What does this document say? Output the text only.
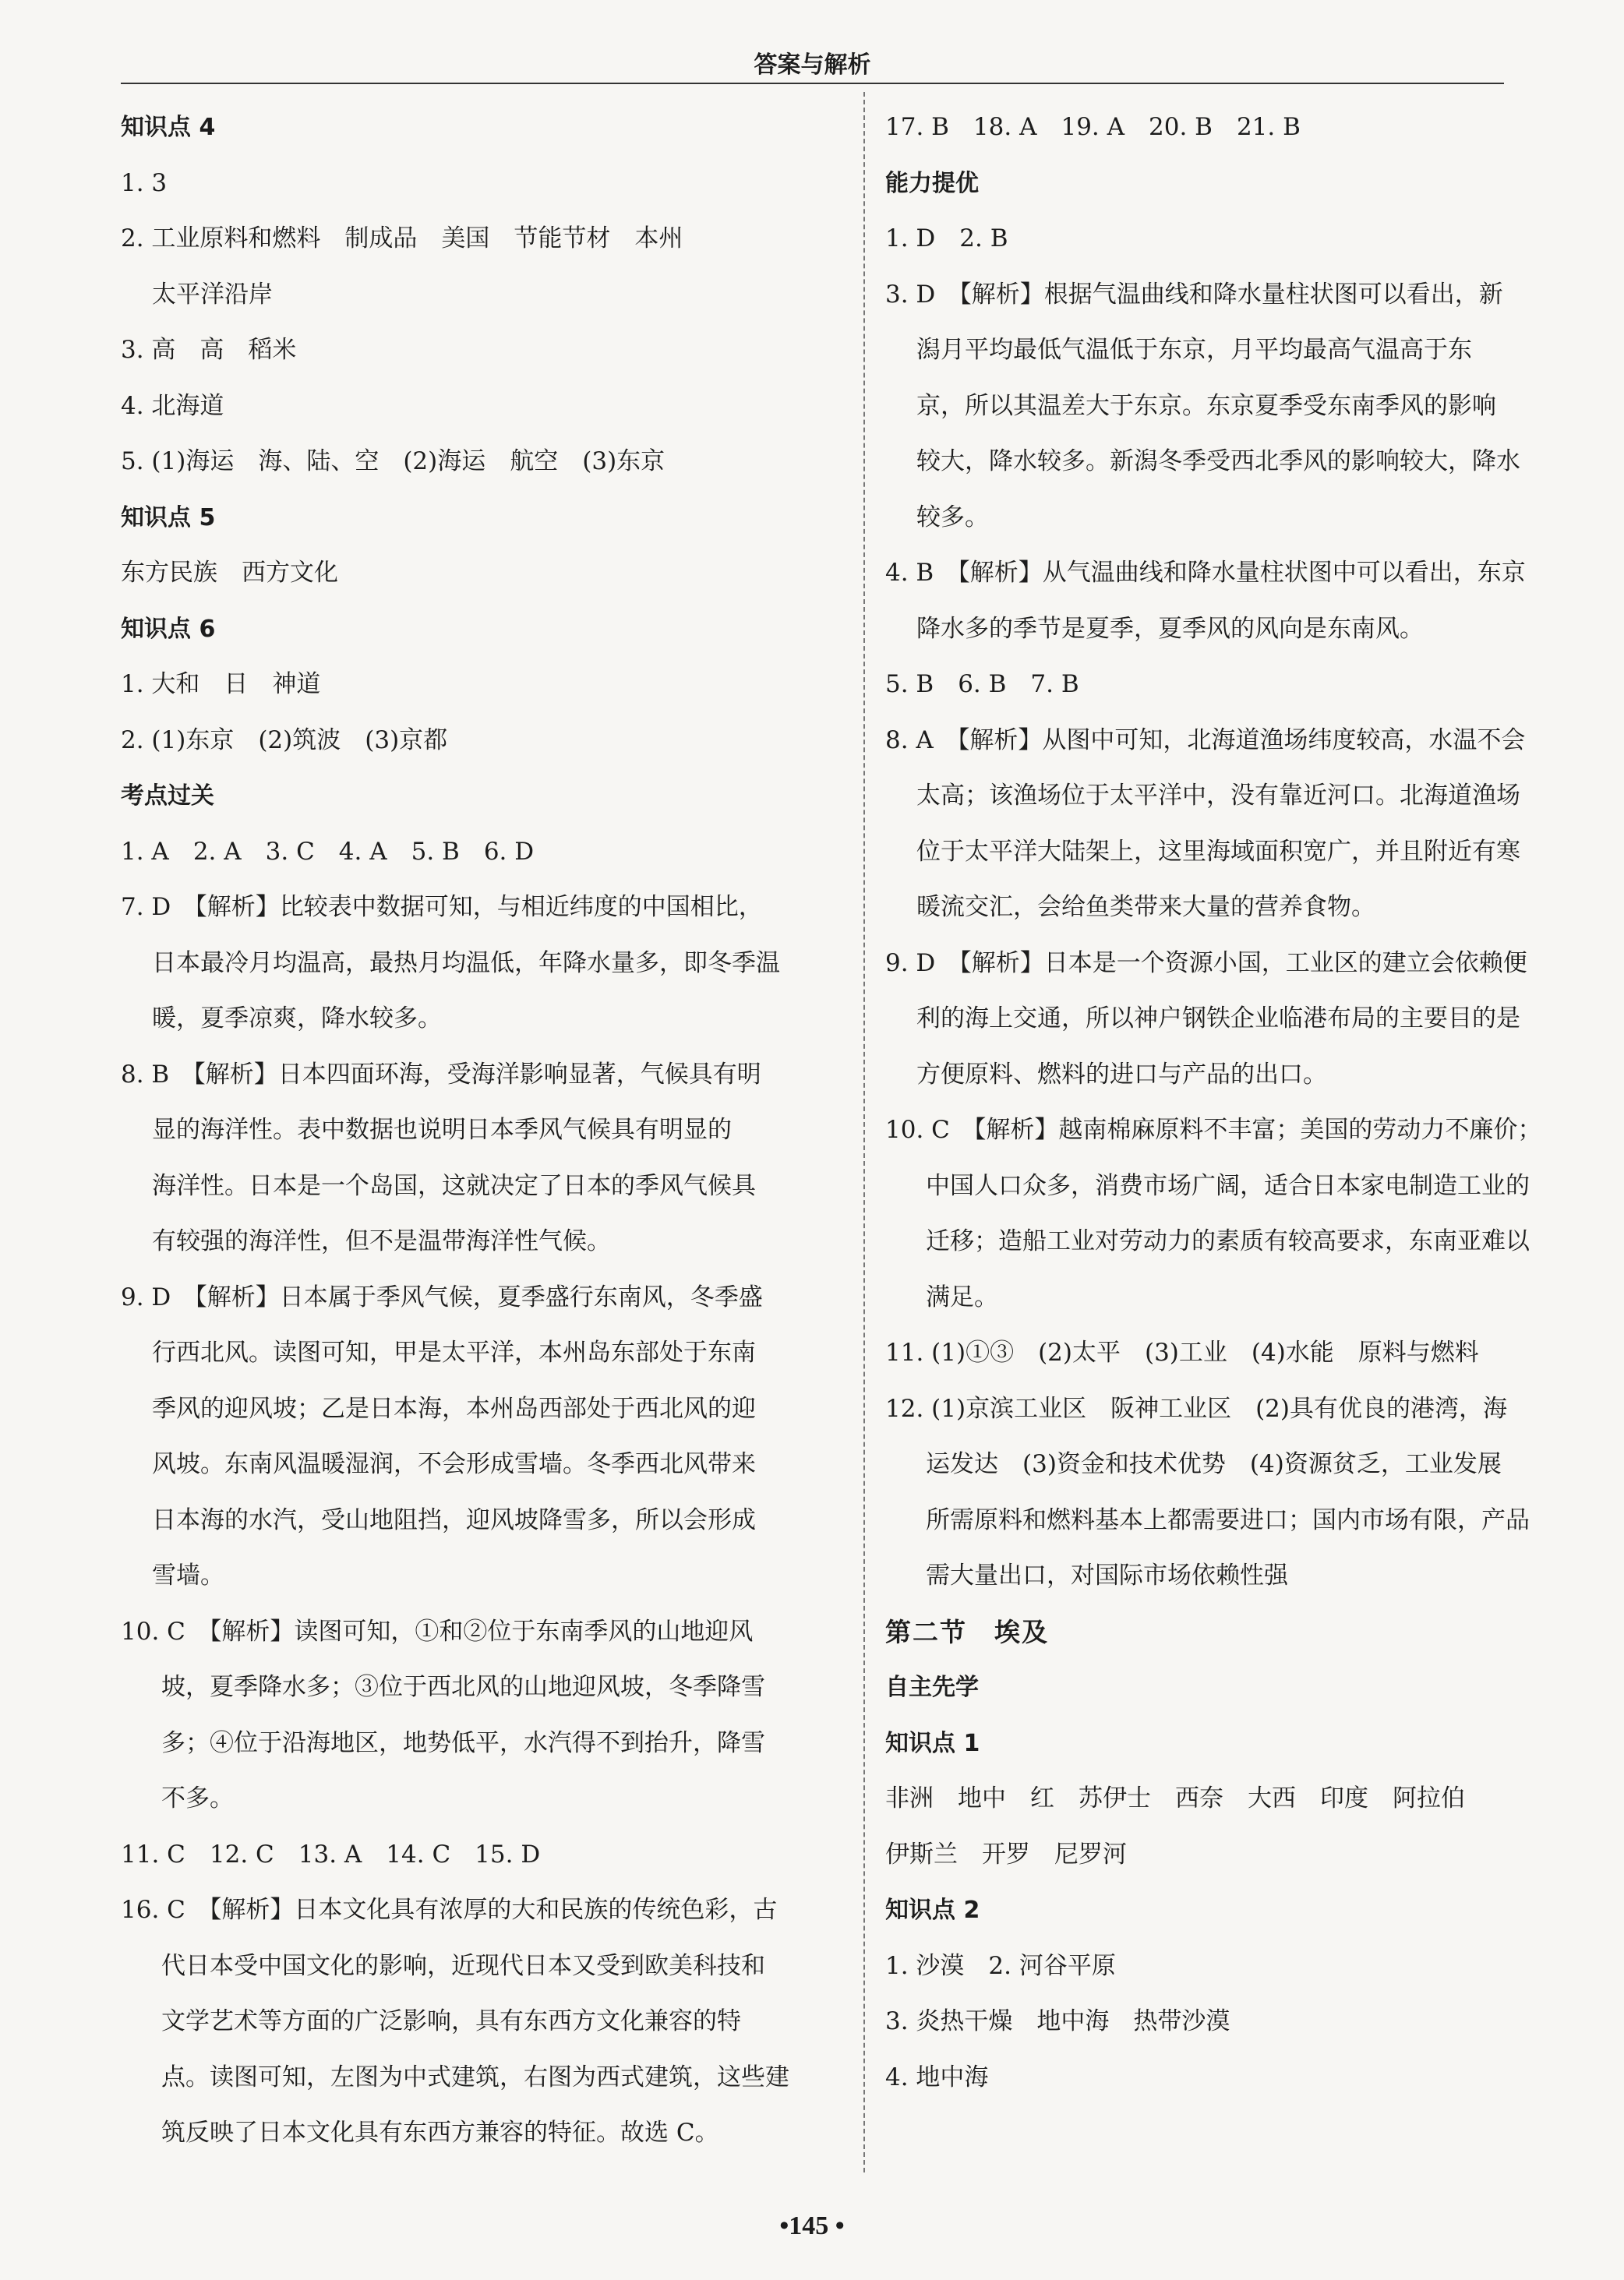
答案与解析
知识点 4
1. 3
2. 工业原料和燃料　制成品　美国　节能节材　本州
太平洋沿岸
3. 高　高　稻米
4. 北海道
5. (1)海运　海、陆、空　(2)海运　航空　(3)东京
知识点 5
东方民族　西方文化
知识点 6
1. 大和　日　神道
2. (1)东京　(2)筑波　(3)京都
考点过关
1. A　2. A　3. C　4. A　5. B　6. D
7. D　【解析】比较表中数据可知，与相近纬度的中国相比，
日本最冷月均温高，最热月均温低，年降水量多，即冬季温
暖，夏季凉爽，降水较多。
8. B　【解析】日本四面环海，受海洋影响显著，气候具有明
显的海洋性。表中数据也说明日本季风气候具有明显的
海洋性。日本是一个岛国，这就决定了日本的季风气候具
有较强的海洋性，但不是温带海洋性气候。
9. D　【解析】日本属于季风气候，夏季盛行东南风，冬季盛
行西北风。读图可知，甲是太平洋，本州岛东部处于东南
季风的迎风坡；乙是日本海，本州岛西部处于西北风的迎
风坡。东南风温暖湿润，不会形成雪墙。冬季西北风带来
日本海的水汽，受山地阻挡，迎风坡降雪多，所以会形成
雪墙。
10. C　【解析】读图可知，①和②位于东南季风的山地迎风
坡，夏季降水多；③位于西北风的山地迎风坡，冬季降雪
多；④位于沿海地区，地势低平，水汽得不到抬升，降雪
不多。
11. C　12. C　13. A　14. C　15. D
16. C　【解析】日本文化具有浓厚的大和民族的传统色彩，古
代日本受中国文化的影响，近现代日本又受到欧美科技和
文学艺术等方面的广泛影响，具有东西方文化兼容的特
点。读图可知，左图为中式建筑，右图为西式建筑，这些建
筑反映了日本文化具有东西方兼容的特征。故选 C。
17. B　18. A　19. A　20. B　21. B
能力提优
1. D　2. B
3. D　【解析】根据气温曲线和降水量柱状图可以看出，新
潟月平均最低气温低于东京，月平均最高气温高于东
京，所以其温差大于东京。东京夏季受东南季风的影响
较大，降水较多。新潟冬季受西北季风的影响较大，降水
较多。
4. B　【解析】从气温曲线和降水量柱状图中可以看出，东京
降水多的季节是夏季，夏季风的风向是东南风。
5. B　6. B　7. B
8. A　【解析】从图中可知，北海道渔场纬度较高，水温不会
太高；该渔场位于太平洋中，没有靠近河口。北海道渔场
位于太平洋大陆架上，这里海域面积宽广，并且附近有寒
暖流交汇，会给鱼类带来大量的营养食物。
9. D　【解析】日本是一个资源小国，工业区的建立会依赖便
利的海上交通，所以神户钢铁企业临港布局的主要目的是
方便原料、燃料的进口与产品的出口。
10. C　【解析】越南棉麻原料不丰富；美国的劳动力不廉价；
中国人口众多，消费市场广阔，适合日本家电制造工业的
迁移；造船工业对劳动力的素质有较高要求，东南亚难以
满足。
11. (1)①③　(2)太平　(3)工业　(4)水能　原料与燃料
12. (1)京滨工业区　阪神工业区　(2)具有优良的港湾，海
运发达　(3)资金和技术优势　(4)资源贫乏，工业发展
所需原料和燃料基本上都需要进口；国内市场有限，产品
需大量出口，对国际市场依赖性强
第二节　埃及
自主先学
知识点 1
非洲　地中　红　苏伊士　西奈　大西　印度　阿拉伯
伊斯兰　开罗　尼罗河
知识点 2
1. 沙漠　2. 河谷平原
3. 炎热干燥　地中海　热带沙漠
4. 地中海
•145 •
